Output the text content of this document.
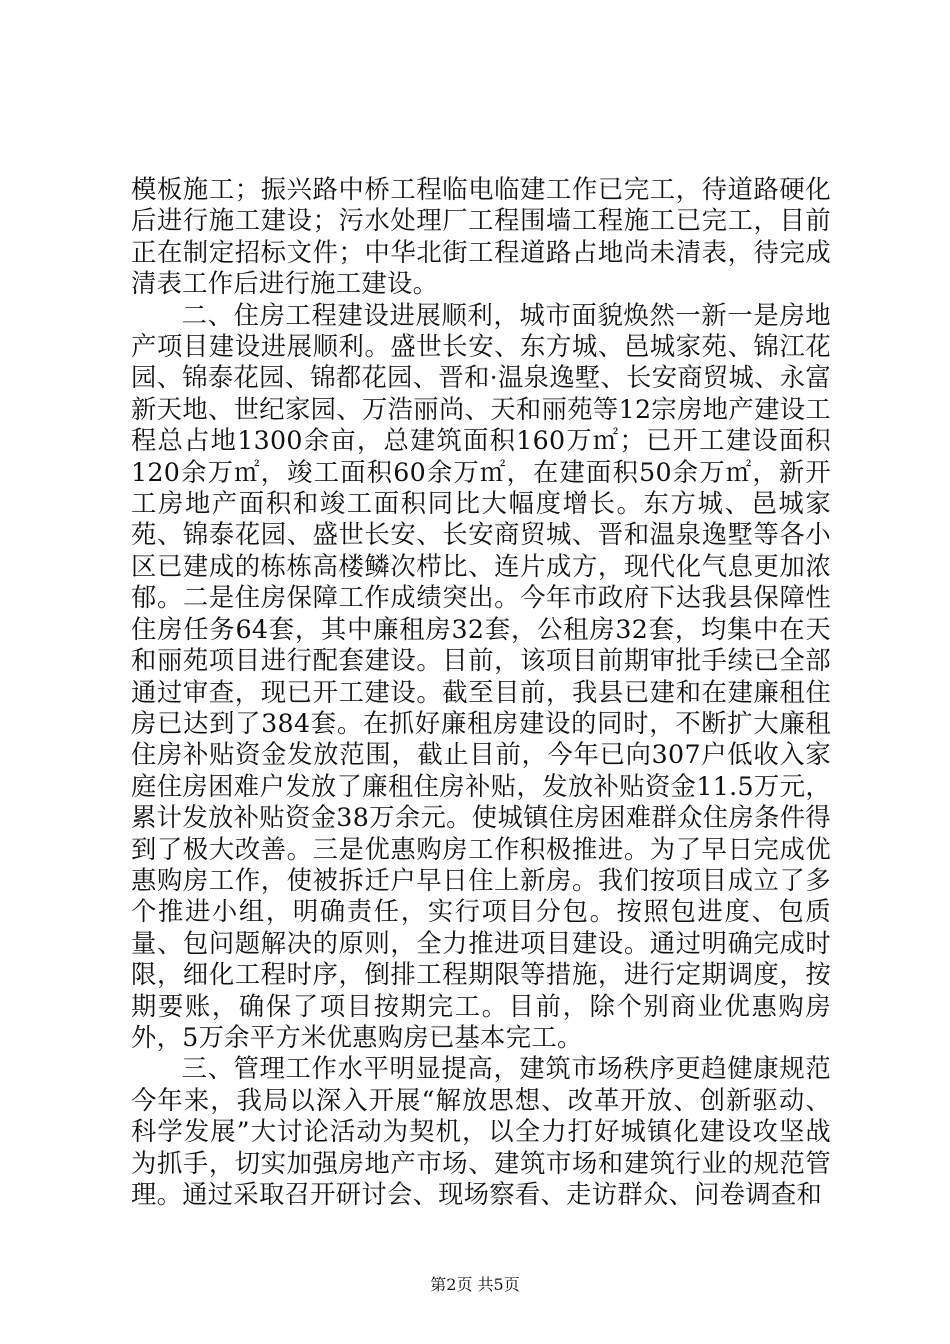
模板施工；振兴路中桥工程临电临建工作已完工，待道路硬化后进行施工建设；污水处理厂工程围墙工程施工已完工，目前正在制定招标文件；中华北街工程道路占地尚未清表，待完成清表工作后进行施工建设。

二、住房工程建设进展顺利，城市面貌焕然一新一是房地产项目建设进展顺利。盛世长安、东方城、邑城家苑、锦江花园、锦泰花园、锦都花园、晋和·温泉逸墅、长安商贸城、永富新天地、世纪家园、万浩丽尚、天和丽苑等12宗房地产建设工程总占地1300余亩，总建筑面积160万㎡；已开工建设面积120余万㎡，竣工面积60余万㎡，在建面积50余万㎡，新开工房地产面积和竣工面积同比大幅度增长。东方城、邑城家苑、锦泰花园、盛世长安、长安商贸城、晋和温泉逸墅等各小区已建成的栋栋高楼鳞次栉比、连片成方，现代化气息更加浓郁。二是住房保障工作成绩突出。今年市政府下达我县保障性住房任务64套，其中廉租房32套，公租房32套，均集中在天和丽苑项目进行配套建设。目前，该项目前期审批手续已全部通过审查，现已开工建设。截至目前，我县已建和在建廉租住房已达到了384套。在抓好廉租房建设的同时，不断扩大廉租住房补贴资金发放范围，截止目前，今年已向307户低收入家庭住房困难户发放了廉租住房补贴，发放补贴资金11.5万元，累计发放补贴资金38万余元。使城镇住房困难群众住房条件得到了极大改善。三是优惠购房工作积极推进。为了早日完成优惠购房工作，使被拆迁户早日住上新房。我们按项目成立了多个推进小组，明确责任，实行项目分包。按照包进度、包质量、包问题解决的原则，全力推进项目建设。通过明确完成时限，细化工程时序，倒排工程期限等措施，进行定期调度，按期要账，确保了项目按期完工。目前，除个别商业优惠购房外，5万余平方米优惠购房已基本完工。

三、管理工作水平明显提高，建筑市场秩序更趋健康规范今年来，我局以深入开展“解放思想、改革开放、创新驱动、科学发展”大讨论活动为契机，以全力打好城镇化建设攻坚战为抓手，切实加强房地产市场、建筑市场和建筑行业的规范管理。通过采取召开研讨会、现场察看、走访群众、问卷调查和

第2页 共5页
